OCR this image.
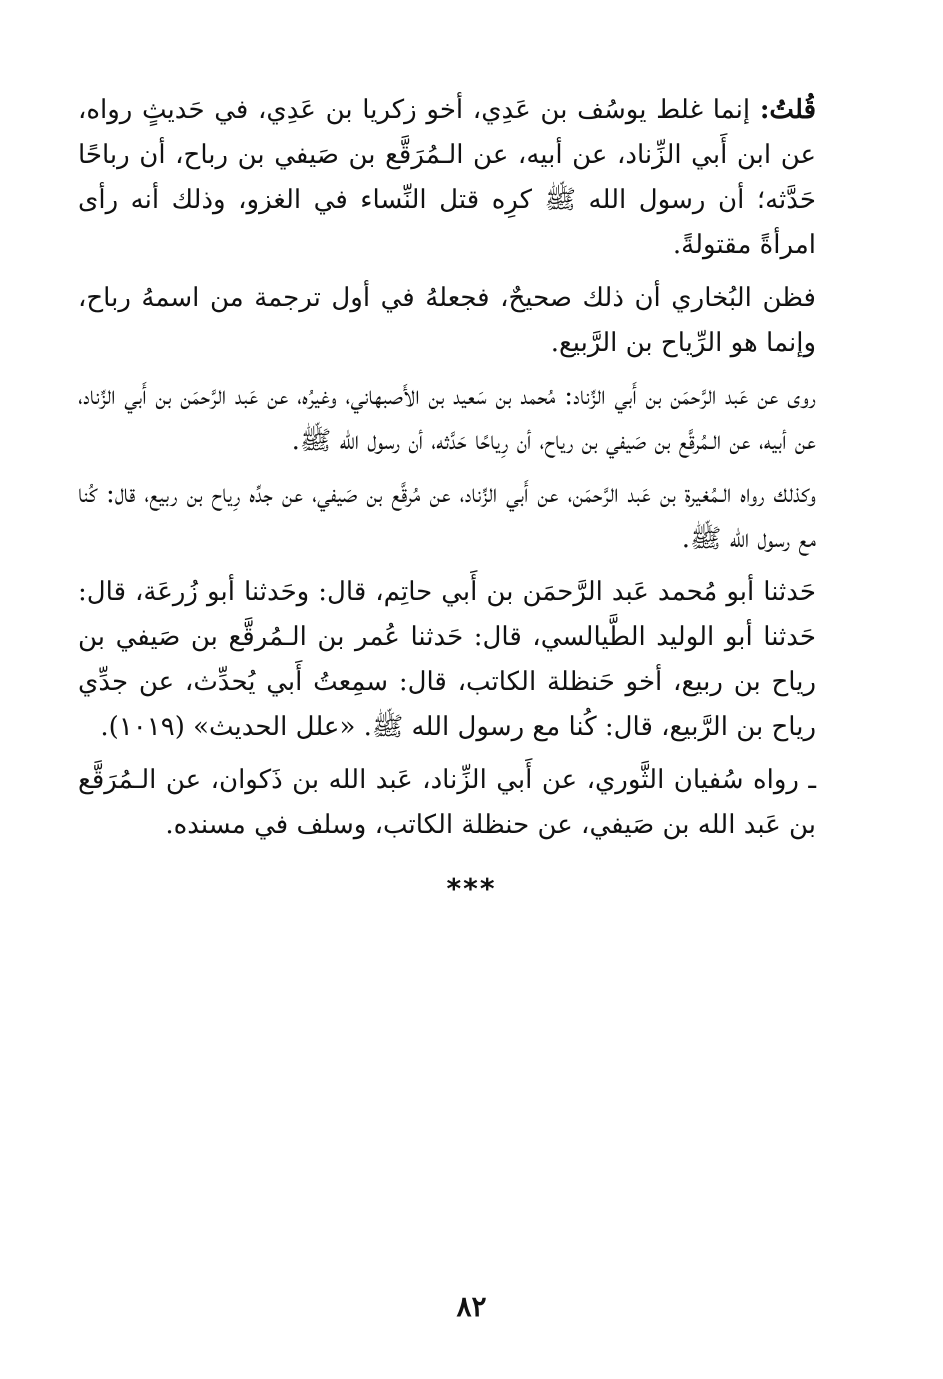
قُلتُ: إنما غلط يوسُف بن عَدِي، أخو زكريا بن عَدِي، في حَديثٍ رواه، عن ابن أَبي الزِّناد، عن أبيه، عن الـمُرَقَّع بن صَيفي بن رباح، أن رباحًا حَدَّثه؛ أن رسول الله ﷺ كرِه قتل النِّساء في الغزو، وذلك أنه رأى امرأةً مقتولةً.

فظن البُخاري أن ذلك صحيحٌ، فجعلهُ في أول ترجمة من اسمهُ رباح، وإنما هو الرِّياح بن الرَّبيع.

روى عن عَبد الرَّحمَن بن أَبي الزِّناد: مُحمد بن سَعيد بن الأَصبهاني، وغيرُه، عن عَبد الرَّحمَن بن أَبي الزِّناد، عن أبيه، عن الـمُرقَّع بن صَيفي بن رياح، أن رِياحًا حَدَّثه، أن رسول الله ﷺ.

وكذلك رواه الـمُغيرة بن عَبد الرَّحمَن، عن أَبي الزِّناد، عن مُرقَّع بن صَيفي، عن جدِّه رِياح بن ربيع، قال: كُنا مع رسول الله ﷺ.

حَدثنا أبو مُحمد عَبد الرَّحمَن بن أَبي حاتِم، قال: وحَدثنا أبو زُرعَة، قال: حَدثنا أبو الوليد الطَّيالسي، قال: حَدثنا عُمر بن الـمُرقَّع بن صَيفي بن رياح بن ربيع، أخو حَنظلة الكاتب، قال: سمِعتُ أَبي يُحدِّث، عن جدِّي رياح بن الرَّبيع، قال: كُنا مع رسول الله ﷺ. «علل الحديث» (١٠١٩).

ـ رواه سُفيان الثَّوري، عن أَبي الزِّناد، عَبد الله بن ذَكوان، عن الـمُرَقَّع بن عَبد الله بن صَيفي، عن حنظلة الكاتب، وسلف في مسنده.

***
٨٢
